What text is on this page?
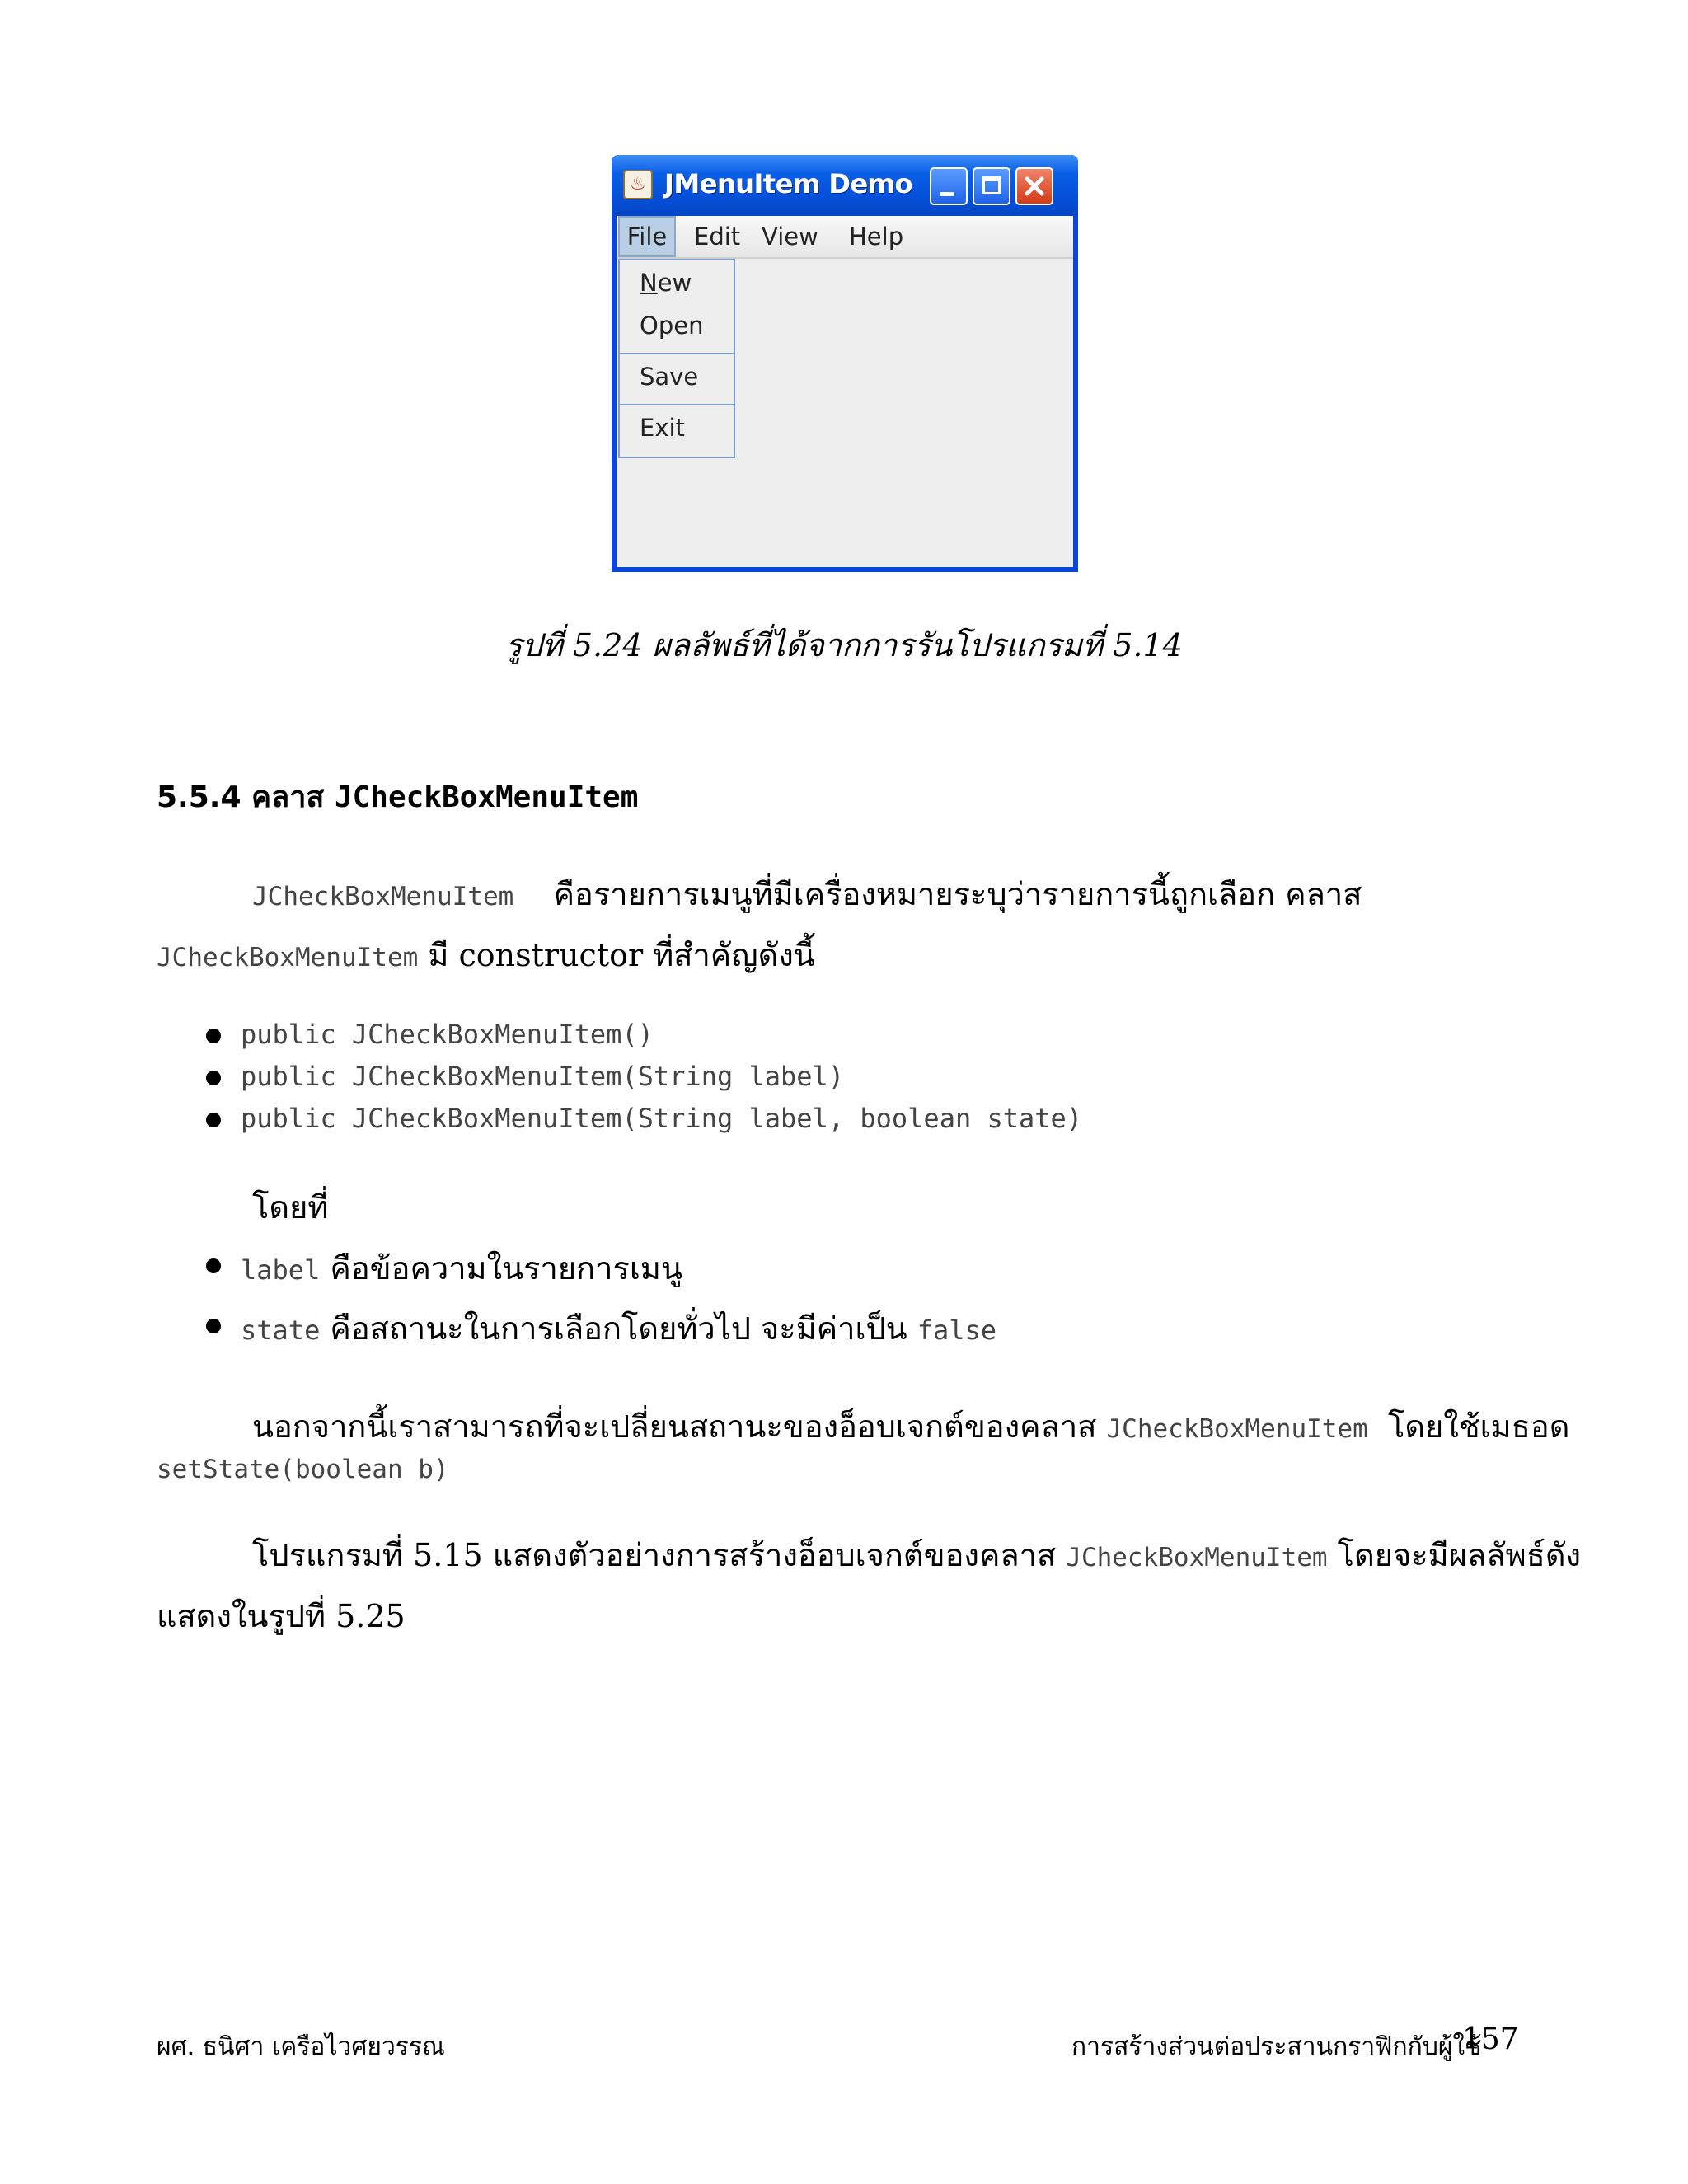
♨ JMenuItem Demo
File	Edit View Help
New
Open
Save
Exit
รูปที่ 5.24 ผลลัพธ์ที่ได้จากการรันโปรแกรมที่ 5.14
5.5.4 คลาส JCheckBoxMenuItem
JCheckBoxMenuItem คือรายการเมนูที่มีเครื่องหมายระบุว่ารายการนี้ถูกเลือก คลาส
JCheckBoxMenuItem มี constructor ที่สำคัญดังนี้
public JCheckBoxMenuItem()
public JCheckBoxMenuItem(String label)
public JCheckBoxMenuItem(String label, boolean state)
โดยที่
label คือข้อความในรายการเมนู
state คือสถานะในการเลือกโดยทั่วไป จะมีค่าเป็น false
นอกจากนี้เราสามารถที่จะเปลี่ยนสถานะของอ็อบเจกต์ของคลาส JCheckBoxMenuItem โดยใช้เมธอด
setState(boolean b)
โปรแกรมที่ 5.15 แสดงตัวอย่างการสร้างอ็อบเจกต์ของคลาส JCheckBoxMenuItem โดยจะมีผลลัพธ์ดัง
แสดงในรูปที่ 5.25
ผศ. ธนิศา เครือไวศยวรรณ	การสร้างส่วนต่อประสานกราฟิกกับผู้ใช้
157
